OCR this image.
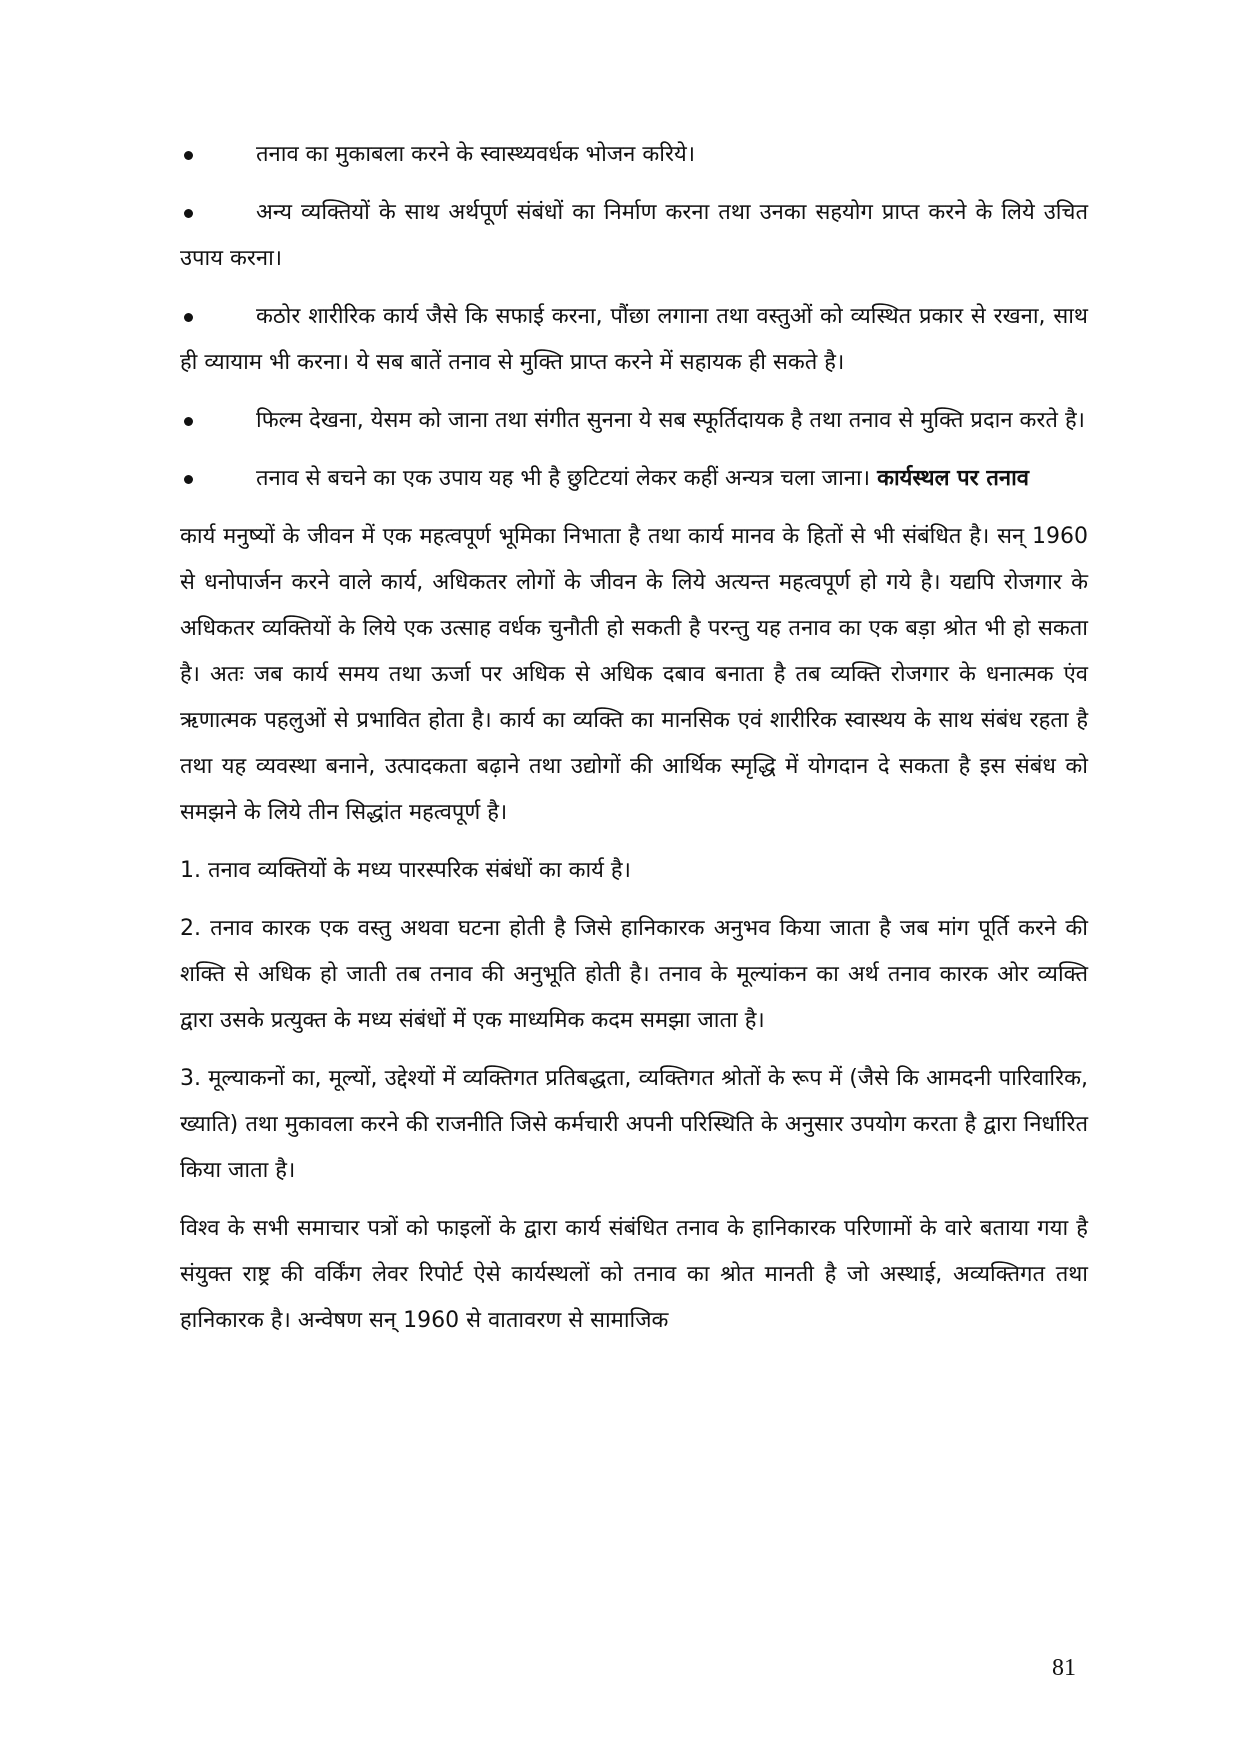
तनाव का मुकाबला करने के स्वास्थ्यवर्धक भोजन करिये।

अन्य व्यक्तियों के साथ अर्थपूर्ण संबंधों का निर्माण करना तथा उनका सहयोग प्राप्त करने के लिये उचित उपाय करना।

कठोर शारीरिक कार्य जैसे कि सफाई करना, पौंछा लगाना तथा वस्तुओं को व्यस्थित प्रकार से रखना, साथ ही व्यायाम भी करना। ये सब बातें तनाव से मुक्ति प्राप्त करने में सहायक ही सकते है।

फिल्म देखना, येसम को जाना तथा संगीत सुनना ये सब स्फूर्तिदायक है तथा तनाव से मुक्ति प्रदान करते है।

तनाव से बचने का एक उपाय यह भी है छुटिटयां लेकर कहीं अन्यत्र चला जाना। कार्यस्थल पर तनाव

कार्य मनुष्यों के जीवन में एक महत्वपूर्ण भूमिका निभाता है तथा कार्य मानव के हितों से भी संबंधित है। सन् 1960 से धनोपार्जन करने वाले कार्य, अधिकतर लोगों के जीवन के लिये अत्यन्त महत्वपूर्ण हो गये है। यद्यपि रोजगार के अधिकतर व्यक्तियों के लिये एक उत्साह वर्धक चुनौती हो सकती है परन्तु यह तनाव का एक बड़ा श्रोत भी हो सकता है। अतः जब कार्य समय तथा ऊर्जा पर अधिक से अधिक दबाव बनाता है तब व्यक्ति रोजगार के धनात्मक एंव ऋणात्मक पहलुओं से प्रभावित होता है। कार्य का व्यक्ति का मानसिक एवं शारीरिक स्वास्थय के साथ संबंध रहता है तथा यह व्यवस्था बनाने, उत्पादकता बढ़ाने तथा उद्योगों की आर्थिक स्मृद्धि में योगदान दे सकता है इस संबंध को समझने के लिये तीन सिद्धांत महत्वपूर्ण है।

1. तनाव व्यक्तियों के मध्य पारस्परिक संबंधों का कार्य है।

2. तनाव कारक एक वस्तु अथवा घटना होती है जिसे हानिकारक अनुभव किया जाता है जब मांग पूर्ति करने की शक्ति से अधिक हो जाती तब तनाव की अनुभूति होती है। तनाव के मूल्यांकन का अर्थ तनाव कारक ओर व्यक्ति द्वारा उसके प्रत्युक्त के मध्य संबंधों में एक माध्यमिक कदम समझा जाता है।

3. मूल्याकनों का, मूल्यों, उद्देश्यों में व्यक्तिगत प्रतिबद्धता, व्यक्तिगत श्रोतों के रूप में (जैसे कि आमदनी पारिवारिक, ख्याति) तथा मुकावला करने की राजनीति जिसे कर्मचारी अपनी परिस्थिति के अनुसार उपयोग करता है द्वारा निर्धारित किया जाता है।

विश्व के सभी समाचार पत्रों को फाइलों के द्वारा कार्य संबंधित तनाव के हानिकारक परिणामों के वारे बताया गया है संयुक्त राष्ट्र की वर्किंग लेवर रिपोर्ट ऐसे कार्यस्थलों को तनाव का श्रोत मानती है जो अस्थाई, अव्यक्तिगत तथा हानिकारक है। अन्वेषण सन् 1960 से वातावरण से सामाजिक

81
